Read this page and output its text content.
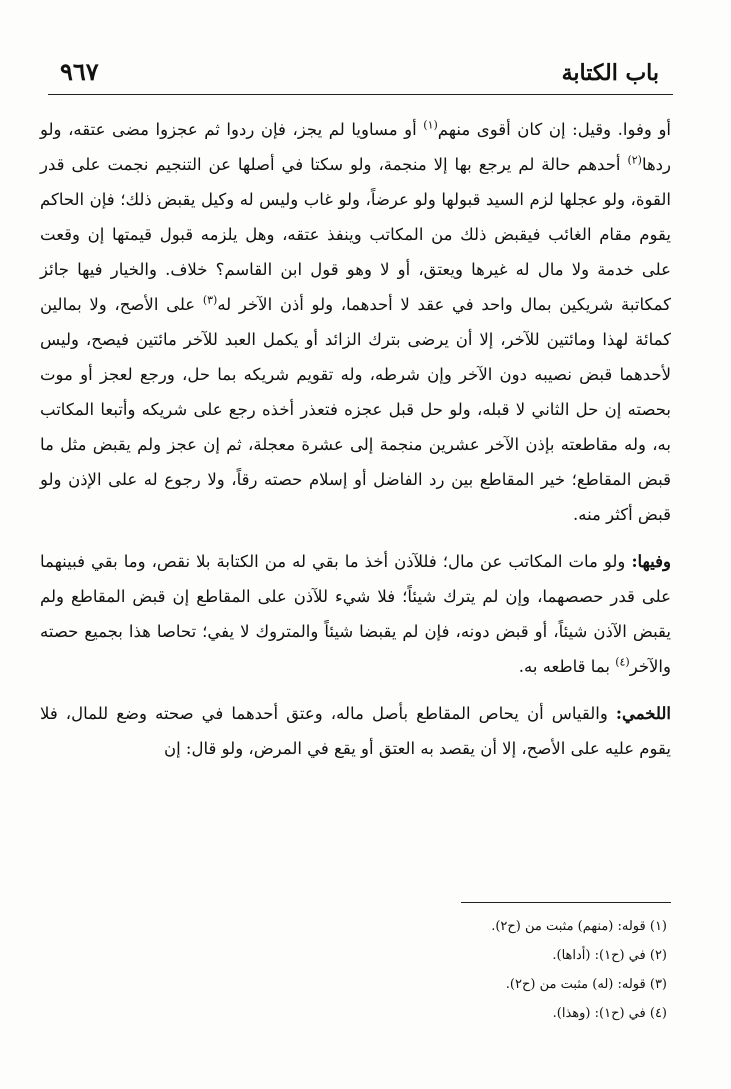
باب الكتابة
٩٦٧

أو وفوا. وقيل: إن كان أقوى منهم$^{(١)}$ أو مساويا لم يجز، فإن ردوا ثم عجزوا مضى عتقه، ولو ردها$^{(٢)}$ أحدهم حالة لم يرجع بها إلا منجمة، ولو سكتا في أصلها عن التنجيم نجمت على قدر القوة، ولو عجلها لزم السيد قبولها ولو عرضاً، ولو غاب وليس له وكيل يقبض ذلك؛ فإن الحاكم يقوم مقام الغائب فيقبض ذلك من المكاتب وينفذ عتقه، وهل يلزمه قبول قيمتها إن وقعت على خدمة ولا مال له غيرها ويعتق، أو لا وهو قول ابن القاسم؟ خلاف. والخيار فيها جائز كمكاتبة شريكين بمال واحد في عقد لا أحدهما، ولو أذن الآخر له$^{(٣)}$ على الأصح، ولا بمالين كمائة لهذا ومائتين للآخر، إلا أن يرضى بترك الزائد أو يكمل العبد للآخر مائتين فيصح، وليس لأحدهما قبض نصيبه دون الآخر وإن شرطه، وله تقويم شريكه بما حل، ورجع لعجز أو موت بحصته إن حل الثاني لا قبله، ولو حل قبل عجزه فتعذر أخذه رجع على شريكه وأتبعا المكاتب به، وله مقاطعته بإذن الآخر عشرين منجمة إلى عشرة معجلة، ثم إن عجز ولم يقبض مثل ما قبض المقاطع؛ خير المقاطع بين رد الفاضل أو إسلام حصته رقاً، ولا رجوع له على الإذن ولو قبض أكثر منه.

وفيها: ولو مات المكاتب عن مال؛ فللآذن أخذ ما بقي له من الكتابة بلا نقص، وما بقي فبينهما على قدر حصصهما، وإن لم يترك شيئاً؛ فلا شيء للآذن على المقاطع إن قبض المقاطع ولم يقبض الآذن شيئاً، أو قبض دونه، فإن لم يقبضا شيئاً والمتروك لا يفي؛ تحاصا هذا بجميع حصته والآخر$^{(٤)}$ بما قاطعه به.

اللخمي: والقياس أن يحاص المقاطع بأصل ماله، وعتق أحدهما في صحته وضع للمال، فلا يقوم عليه على الأصح، إلا أن يقصد به العتق أو يقع في المرض، ولو قال: إن

(١) قوله: (منهم) مثبت من (ح٢).
(٢) في (ح١): (أداها).
(٣) قوله: (له) مثبت من (ح٢).
(٤) في (ح١): (وهذا).
